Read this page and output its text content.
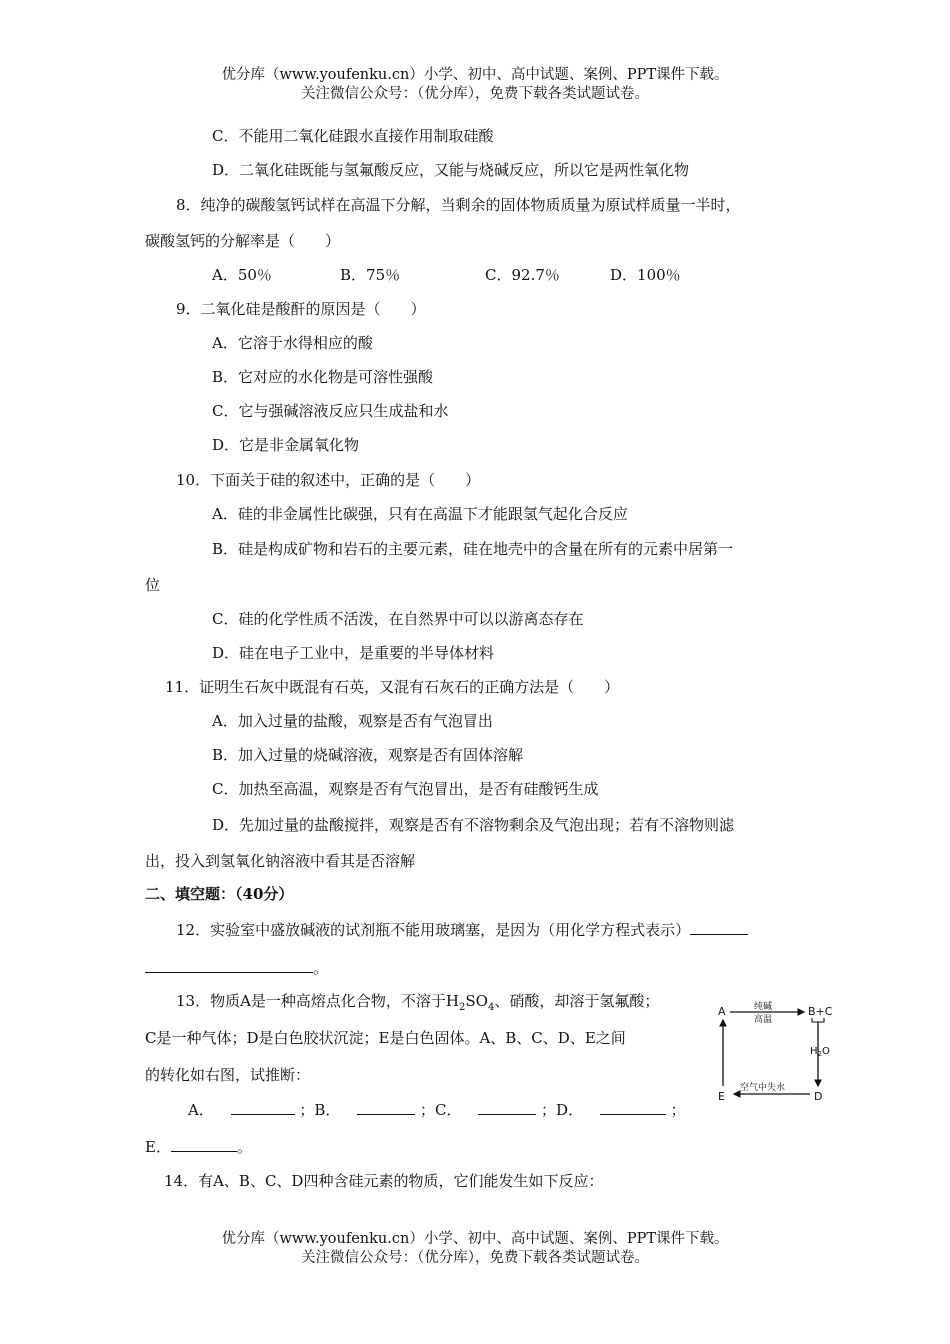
优分库（www.youfenku.cn）小学、初中、高中试题、案例、PPT课件下载。
关注微信公众号：（优分库），免费下载各类试题试卷。
C．不能用二氧化硅跟水直接作用制取硅酸
D．二氧化硅既能与氢氟酸反应，又能与烧碱反应，所以它是两性氧化物
8．纯净的碳酸氢钙试样在高温下分解，当剩余的固体物质质量为原试样质量一半时，
碳酸氢钙的分解率是（　　）
A．50％	B．75％	C．92.7％	D．100％
9．二氧化硅是酸酐的原因是（　　）
A．它溶于水得相应的酸
B．它对应的水化物是可溶性强酸
C．它与强碱溶液反应只生成盐和水
D．它是非金属氧化物
10．下面关于硅的叙述中，正确的是（　　）
A．硅的非金属性比碳强，只有在高温下才能跟氢气起化合反应
B．硅是构成矿物和岩石的主要元素，硅在地壳中的含量在所有的元素中居第一
位
C．硅的化学性质不活泼，在自然界中可以以游离态存在
D．硅在电子工业中，是重要的半导体材料
11．证明生石灰中既混有石英，又混有石灰石的正确方法是（　　）
A．加入过量的盐酸，观察是否有气泡冒出
B．加入过量的烧碱溶液，观察是否有固体溶解
C．加热至高温，观察是否有气泡冒出，是否有硅酸钙生成
D．先加过量的盐酸搅拌，观察是否有不溶物剩余及气泡出现；若有不溶物则滤
出，投入到氢氧化钠溶液中看其是否溶解
二、填空题：（40分）
12．实验室中盛放碱液的试剂瓶不能用玻璃塞，是因为（用化学方程式表示）
。
13．物质A是一种高熔点化合物，不溶于$H_2SO_4$、硝酸，却溶于氢氟酸；
C是一种气体；D是白色胶状沉淀；E是白色固体。A、B、C、D、E之间
的转化如右图，试推断：
A．	；B．	；C．	；D．	；
E．	。
A	B+C
D
E
纯碱
高温
$H_2O$
空气中失水
14．有A、B、C、D四种含硅元素的物质，它们能发生如下反应：
优分库（www.youfenku.cn）小学、初中、高中试题、案例、PPT课件下载。
关注微信公众号：（优分库），免费下载各类试题试卷。
